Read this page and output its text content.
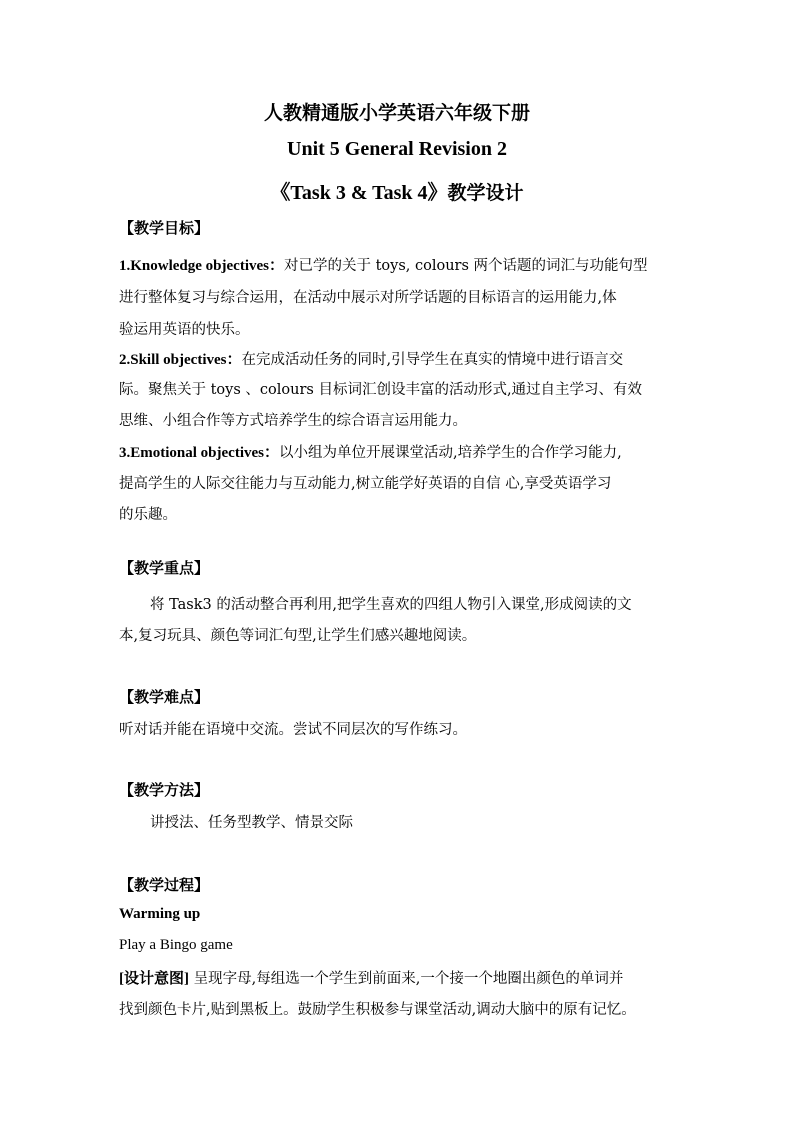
人教精通版小学英语六年级下册
Unit 5 General Revision 2
《Task 3 & Task 4》教学设计
【教学目标】
1.Knowledge objectives：对已学的关于 toys, colours 两个话题的词汇与功能句型
进行整体复习与综合运用，在活动中展示对所学话题的目标语言的运用能力,体
验运用英语的快乐。
2.Skill objectives：在完成活动任务的同时,引导学生在真实的情境中进行语言交
际。聚焦关于 toys 、colours 目标词汇创设丰富的活动形式,通过自主学习、有效
思维、小组合作等方式培养学生的综合语言运用能力。
3.Emotional objectives：以小组为单位开展课堂活动,培养学生的合作学习能力,
提高学生的人际交往能力与互动能力,树立能学好英语的自信 心,享受英语学习
的乐趣。
【教学重点】
将 Task3 的活动整合再利用,把学生喜欢的四组人物引入课堂,形成阅读的文
本,复习玩具、颜色等词汇句型,让学生们感兴趣地阅读。
【教学难点】
听对话并能在语境中交流。尝试不同层次的写作练习。
【教学方法】
讲授法、任务型教学、情景交际
【教学过程】
Warming up
Play a Bingo game
[设计意图] 呈现字母,每组选一个学生到前面来,一个接一个地圈出颜色的单词并
找到颜色卡片,贴到黑板上。鼓励学生积极参与课堂活动,调动大脑中的原有记忆。
